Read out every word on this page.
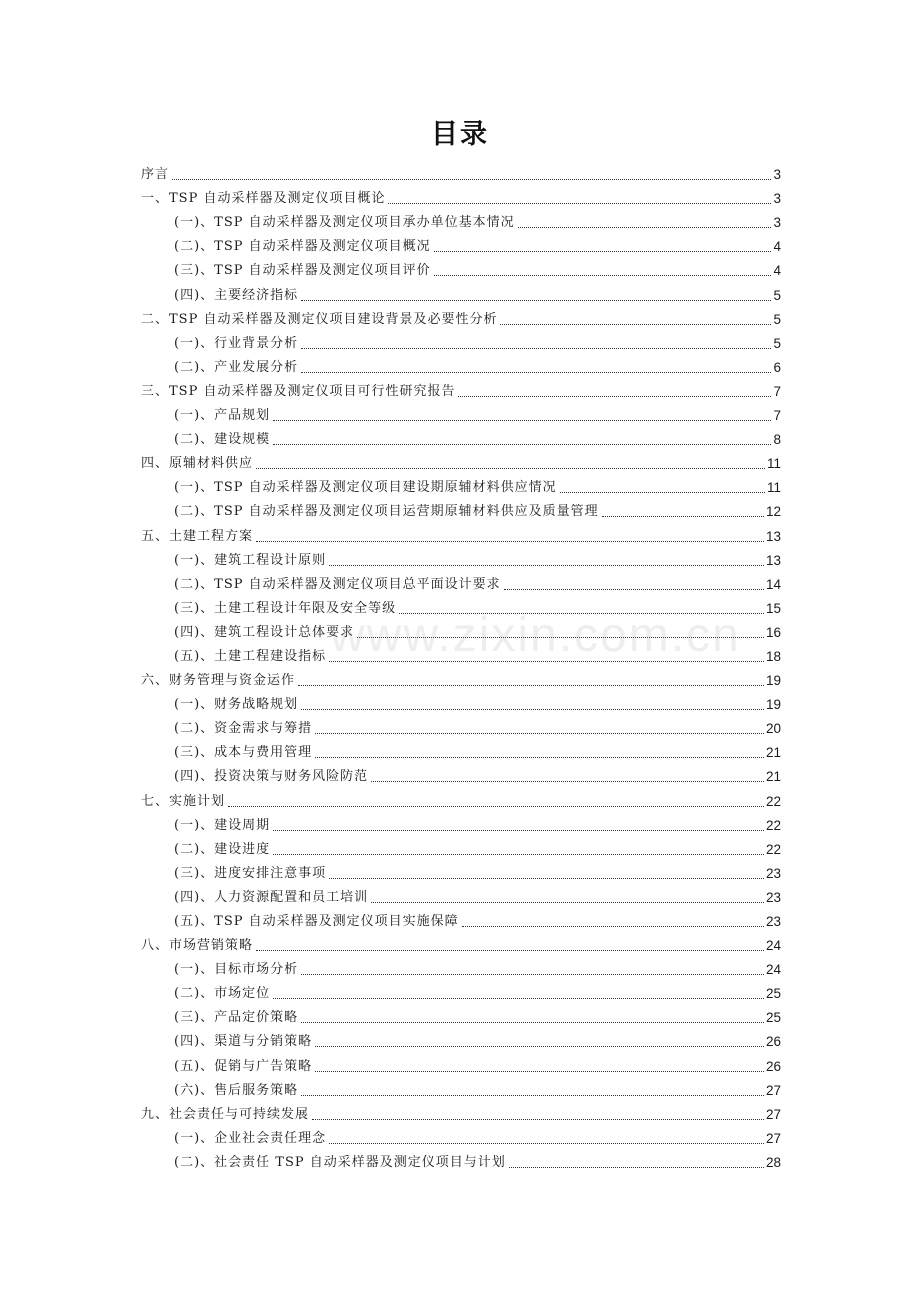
目录
序言	3
一、TSP 自动采样器及测定仪项目概论	3
(一)、TSP 自动采样器及测定仪项目承办单位基本情况	3
(二)、TSP 自动采样器及测定仪项目概况	4
(三)、TSP 自动采样器及测定仪项目评价	4
(四)、主要经济指标	5
二、TSP 自动采样器及测定仪项目建设背景及必要性分析	5
(一)、行业背景分析	5
(二)、产业发展分析	6
三、TSP 自动采样器及测定仪项目可行性研究报告	7
(一)、产品规划	7
(二)、建设规模	8
四、原辅材料供应	11
(一)、TSP 自动采样器及测定仪项目建设期原辅材料供应情况	11
(二)、TSP 自动采样器及测定仪项目运营期原辅材料供应及质量管理	12
五、土建工程方案	13
(一)、建筑工程设计原则	13
(二)、TSP 自动采样器及测定仪项目总平面设计要求	14
(三)、土建工程设计年限及安全等级	15
(四)、建筑工程设计总体要求	16
(五)、土建工程建设指标	18
六、财务管理与资金运作	19
(一)、财务战略规划	19
(二)、资金需求与筹措	20
(三)、成本与费用管理	21
(四)、投资决策与财务风险防范	21
七、实施计划	22
(一)、建设周期	22
(二)、建设进度	22
(三)、进度安排注意事项	23
(四)、人力资源配置和员工培训	23
(五)、TSP 自动采样器及测定仪项目实施保障	23
八、市场营销策略	24
(一)、目标市场分析	24
(二)、市场定位	25
(三)、产品定价策略	25
(四)、渠道与分销策略	26
(五)、促销与广告策略	26
(六)、售后服务策略	27
九、社会责任与可持续发展	27
(一)、企业社会责任理念	27
(二)、社会责任 TSP 自动采样器及测定仪项目与计划	28
www.zixin.com.cn
